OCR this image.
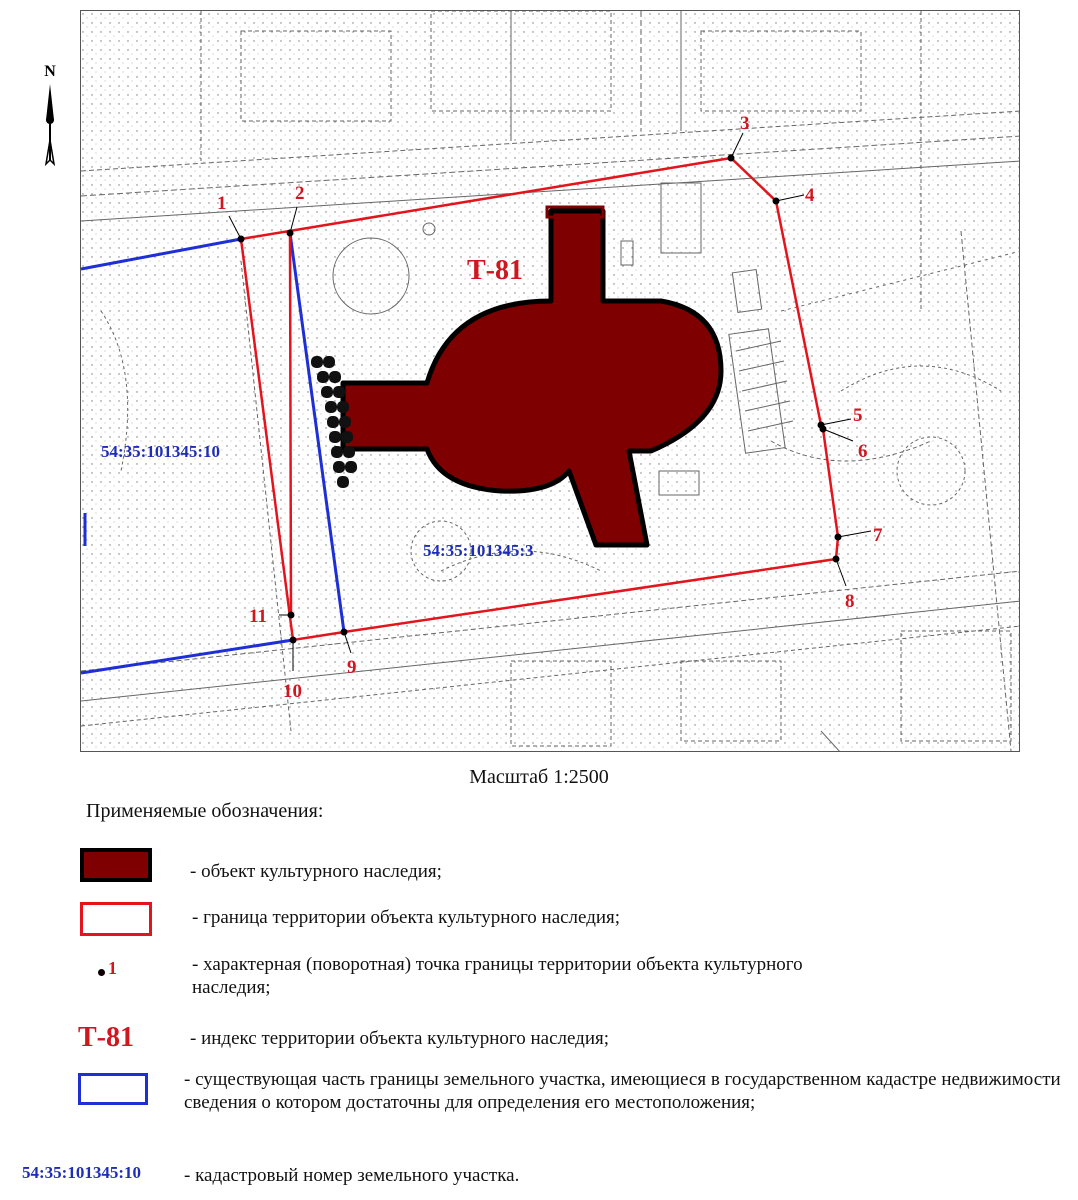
N
Т-81
54:35:101345:10
54:35:101345:3
1	2
3
4
5
6
7
8
9
10
11
Масштаб 1:2500
Применяемые обозначения:
- объект культурного наследия;
- граница территории объекта культурного наследия;
1	- характерная (поворотная) точка границы территории объекта культурного наследия;
Т-81	- индекс территории объекта культурного наследия;
- существующая часть границы земельного участка, имеющиеся в государственном кадастре недвижимости сведения о котором достаточны для определения его местоположения;
54:35:101345:10 - кадастровый номер земельного участка.
